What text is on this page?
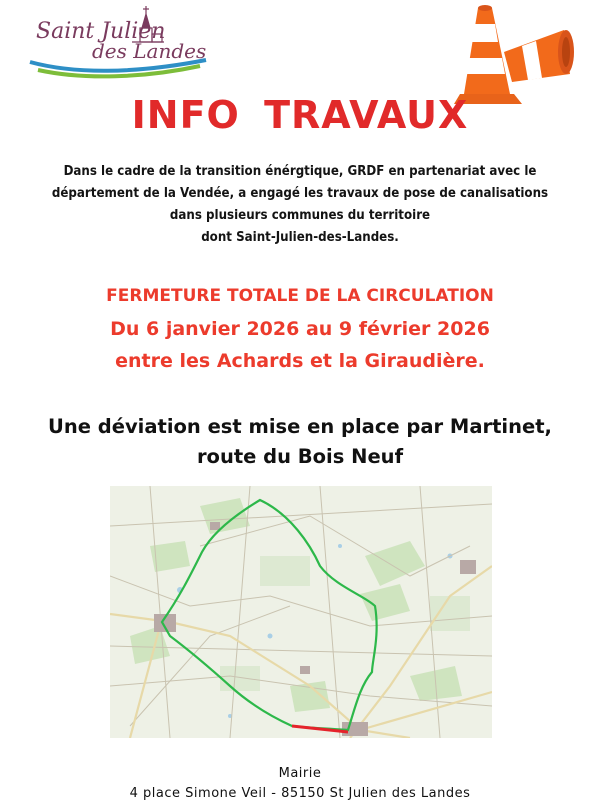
Saint Julien
des Landes
INFO TRAVAUX
Dans le cadre de la transition énérgtique, GRDF en partenariat avec le
département de la Vendée, a engagé les travaux de pose de canalisations
dans plusieurs communes du territoire
dont Saint-Julien-des-Landes.
FERMETURE TOTALE DE LA CIRCULATION
Du 6 janvier 2026 au 9 février 2026
entre les Achards et la Giraudière.
Une déviation est mise en place par Martinet,
route du Bois Neuf
Mairie
4 place Simone Veil - 85150 St Julien des Landes
